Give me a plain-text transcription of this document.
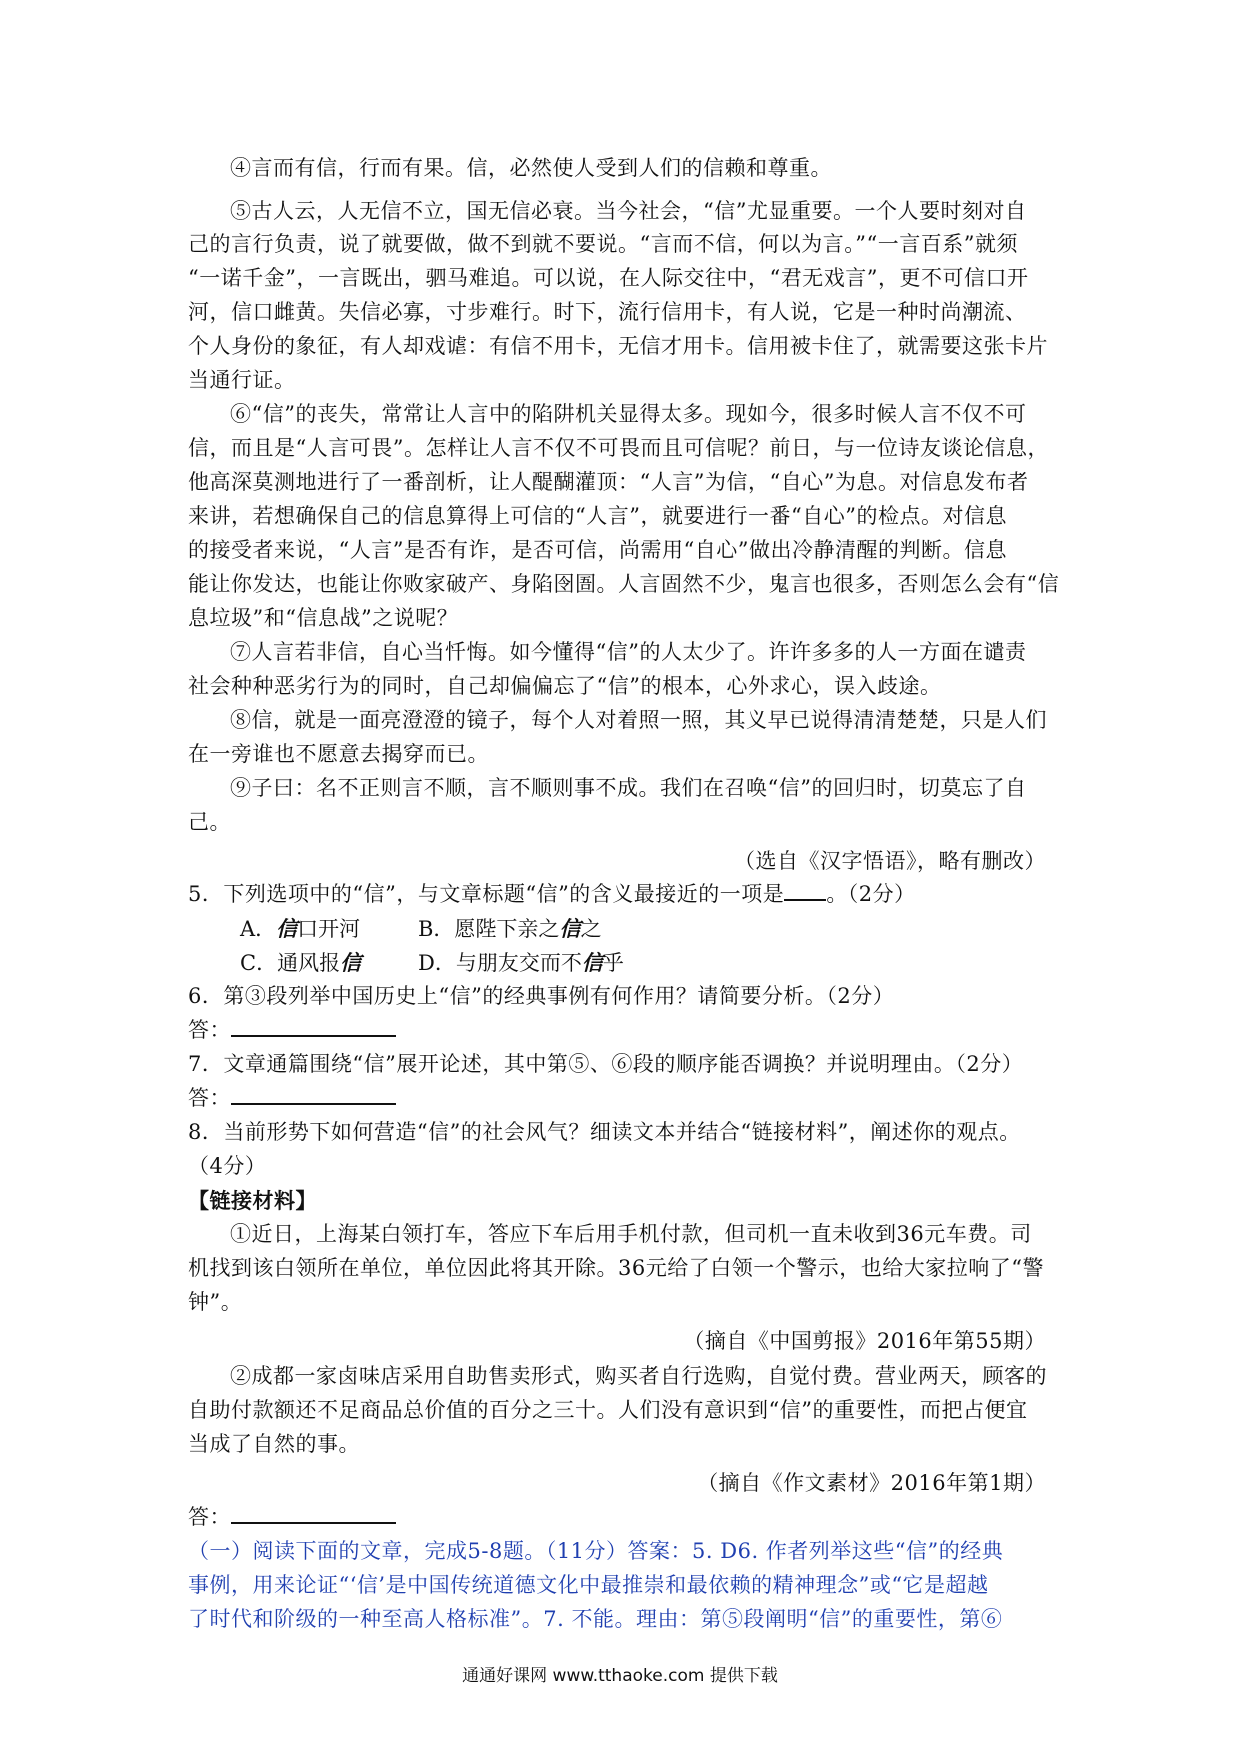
④言而有信，行而有果。信，必然使人受到人们的信赖和尊重。
⑤古人云，人无信不立，国无信必衰。当今社会，“信”尤显重要。一个人要时刻对自
己的言行负责，说了就要做，做不到就不要说。“言而不信，何以为言。”“一言百系”就须
“一诺千金”，一言既出，驷马难追。可以说，在人际交往中，“君无戏言”，更不可信口开
河，信口雌黄。失信必寡，寸步难行。时下，流行信用卡，有人说，它是一种时尚潮流、
个人身份的象征，有人却戏谑：有信不用卡，无信才用卡。信用被卡住了，就需要这张卡片
当通行证。
⑥“信”的丧失，常常让人言中的陷阱机关显得太多。现如今，很多时候人言不仅不可
信，而且是“人言可畏”。怎样让人言不仅不可畏而且可信呢？前日，与一位诗友谈论信息，
他高深莫测地进行了一番剖析，让人醍醐灌顶：“人言”为信，“自心”为息。对信息发布者
来讲，若想确保自己的信息算得上可信的“人言”，就要进行一番“自心”的检点。对信息
的接受者来说，“人言”是否有诈，是否可信，尚需用“自心”做出冷静清醒的判断。信息
能让你发达，也能让你败家破产、身陷囹圄。人言固然不少，鬼言也很多，否则怎么会有“信
息垃圾”和“信息战”之说呢？
⑦人言若非信，自心当忏悔。如今懂得“信”的人太少了。许许多多的人一方面在谴责
社会种种恶劣行为的同时，自己却偏偏忘了“信”的根本，心外求心，误入歧途。
⑧信，就是一面亮澄澄的镜子，每个人对着照一照，其义早已说得清清楚楚，只是人们
在一旁谁也不愿意去揭穿而已。
⑨子曰：名不正则言不顺，言不顺则事不成。我们在召唤“信”的回归时，切莫忘了自
己。
（选自《汉字悟语》，略有删改）
5．下列选项中的“信”，与文章标题“信”的含义最接近的一项是 。（2分）
A．信口开河	B．愿陛下亲之信之
C．通风报信	D．与朋友交而不信乎
6．第③段列举中国历史上“信”的经典事例有何作用？请简要分析。（2分）
答：
7．文章通篇围绕“信”展开论述，其中第⑤、⑥段的顺序能否调换？并说明理由。（2分）
答：
8．当前形势下如何营造“信”的社会风气？细读文本并结合“链接材料”，阐述你的观点。
（4分）
【链接材料】
①近日，上海某白领打车，答应下车后用手机付款，但司机一直未收到36元车费。司
机找到该白领所在单位，单位因此将其开除。36元给了白领一个警示，也给大家拉响了“警
钟”。
（摘自《中国剪报》2016年第55期）
②成都一家卤味店采用自助售卖形式，购买者自行选购，自觉付费。营业两天，顾客的
自助付款额还不足商品总价值的百分之三十。人们没有意识到“信”的重要性，而把占便宜
当成了自然的事。
（摘自《作文素材》2016年第1期）
答：
（一）阅读下面的文章，完成5-8题。（11分）答案：5. D6. 作者列举这些“信”的经典
事例，用来论证“‘信’是中国传统道德文化中最推崇和最依赖的精神理念”或“它是超越
了时代和阶级的一种至高人格标准”。7. 不能。理由：第⑤段阐明“信”的重要性，第⑥
通通好课网 www.tthaoke.com 提供下载
